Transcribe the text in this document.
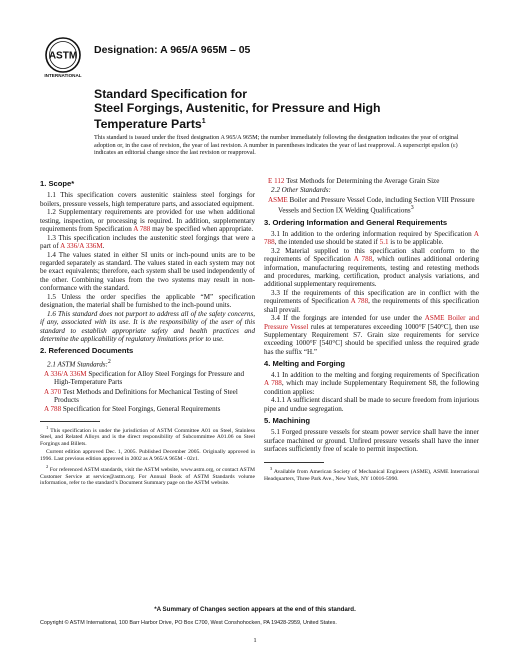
ASTM
INTERNATIONAL
Designation: A 965/A 965M – 05
Standard Specification for
Steel Forgings, Austenitic, for Pressure and High
Temperature Parts$^1$
This standard is issued under the fixed designation A 965/A 965M; the number immediately following the designation indicates the year of original adoption or, in the case of revision, the year of last revision. A number in parentheses indicates the year of last reapproval. A superscript epsilon (ε) indicates an editorial change since the last revision or reapproval.

1. Scope*

1.1 This specification covers austenitic stainless steel forgings for boilers, pressure vessels, high temperature parts, and associated equipment.

1.2 Supplementary requirements are provided for use when additional testing, inspection, or processing is required. In addition, supplementary requirements from Specification A 788 may be specified when appropriate.

1.3 This specification includes the austenitic steel forgings that were a part of A 336/A 336M.

1.4 The values stated in either SI units or inch-pound units are to be regarded separately as standard. The values stated in each system may not be exact equivalents; therefore, each system shall be used independently of the other. Combining values from the two systems may result in non-conformance with the standard.

1.5 Unless the order specifies the applicable “M” specification designation, the material shall be furnished to the inch-pound units.

1.6 This standard does not purport to address all of the safety concerns, if any, associated with its use. It is the responsibility of the user of this standard to establish appropriate safety and health practices and determine the applicability of regulatory limitations prior to use.

2. Referenced Documents

2.1 ASTM Standards:$^2$

A 336/A 336M Specification for Alloy Steel Forgings for Pressure and High-Temperature Parts

A 370 Test Methods and Definitions for Mechanical Testing of Steel Products

A 788 Specification for Steel Forgings, General Requirements

$^1$ This specification is under the jurisdiction of ASTM Committee A01 on Steel, Stainless Steel, and Related Alloys and is the direct responsibility of Subcommittee A01.06 on Steel Forgings and Billets.

Current edition approved Dec. 1, 2005. Published December 2005. Originally approved in 1996. Last previous edition approved in 2002 as A 965/A 965M - 02ε1.

$^2$ For referenced ASTM standards, visit the ASTM website, www.astm.org, or contact ASTM Customer Service at service@astm.org. For Annual Book of ASTM Standards volume information, refer to the standard’s Document Summary page on the ASTM website.

E 112 Test Methods for Determining the Average Grain Size

2.2 Other Standards:

ASME Boiler and Pressure Vessel Code, including Section VIII Pressure Vessels and Section IX Welding Qualifications$^3$

3. Ordering Information and General Requirements

3.1 In addition to the ordering information required by Specification A 788, the intended use should be stated if 5.1 is to be applicable.

3.2 Material supplied to this specification shall conform to the requirements of Specification A 788, which outlines additional ordering information, manufacturing requirements, testing and retesting methods and procedures, marking, certification, product analysis variations, and additional supplementary requirements.

3.3 If the requirements of this specification are in conflict with the requirements of Specification A 788, the requirements of this specification shall prevail.

3.4 If the forgings are intended for use under the ASME Boiler and Pressure Vessel rules at temperatures exceeding 1000°F [540°C], then use Supplementary Requirement S7. Grain size requirements for service exceeding 1000°F [540°C] should be specified unless the required grade has the suffix “H.”

4. Melting and Forging

4.1 In addition to the melting and forging requirements of Specification A 788, which may include Supplementary Requirement S8, the following condition applies:

4.1.1 A sufficient discard shall be made to secure freedom from injurious pipe and undue segregation.

5. Machining

5.1 Forged pressure vessels for steam power service shall have the inner surface machined or ground. Unfired pressure vessels shall have the inner surfaces sufficiently free of scale to permit inspection.

$^3$ Available from American Society of Mechanical Engineers (ASME), ASME International Headquarters, Three Park Ave., New York, NY 10016-5990.

*A Summary of Changes section appears at the end of this standard.
Copyright © ASTM International, 100 Barr Harbor Drive, PO Box C700, West Conshohocken, PA 19428-2959, United States.
1
